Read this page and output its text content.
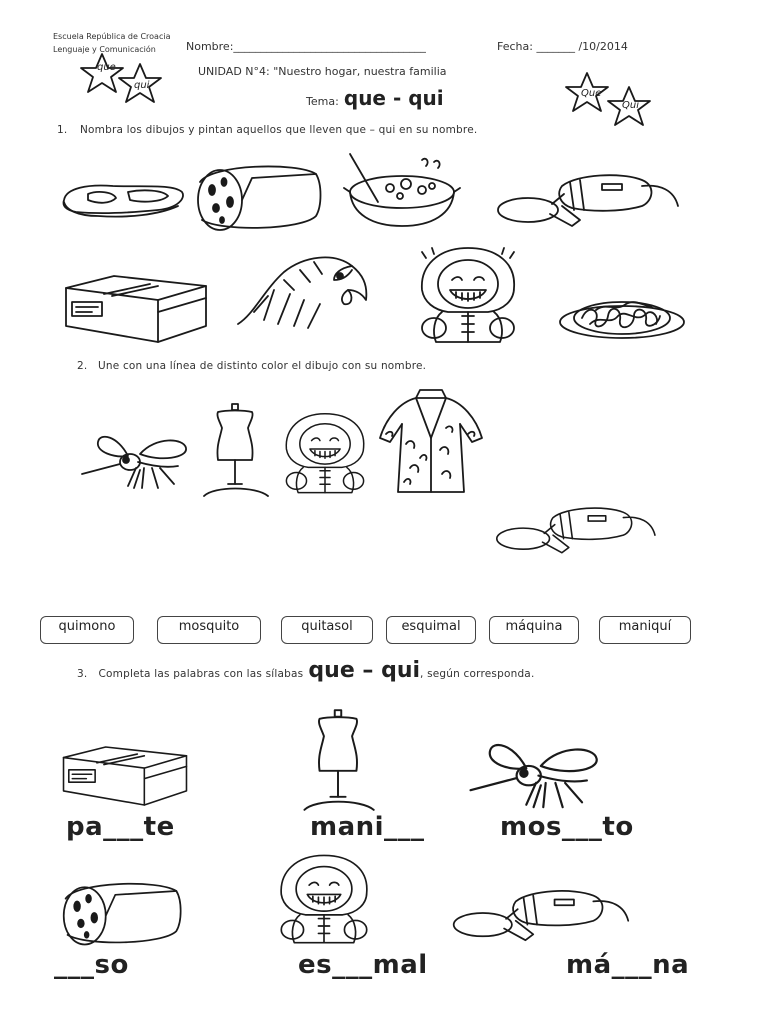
Escuela República de Croacia
Lenguaje y Comunicación	Nombre:___________________________________	Fecha: _______ /10/2014
UNIDAD N°4: "Nuestro hogar, nuestra familia
Tema: que - qui
que
qui
Que
Qui
1. Nombra los dibujos y pintan aquellos que lleven que – qui en su nombre.
2. Une con una línea de distinto color el dibujo con su nombre.
quimono	mosquito	quitasol	esquimal	máquina	maniquí
3. Completa las palabras con las sílabas que – qui, según corresponda.
pa___te	mani___	mos___to
___so	es___mal	má___na
